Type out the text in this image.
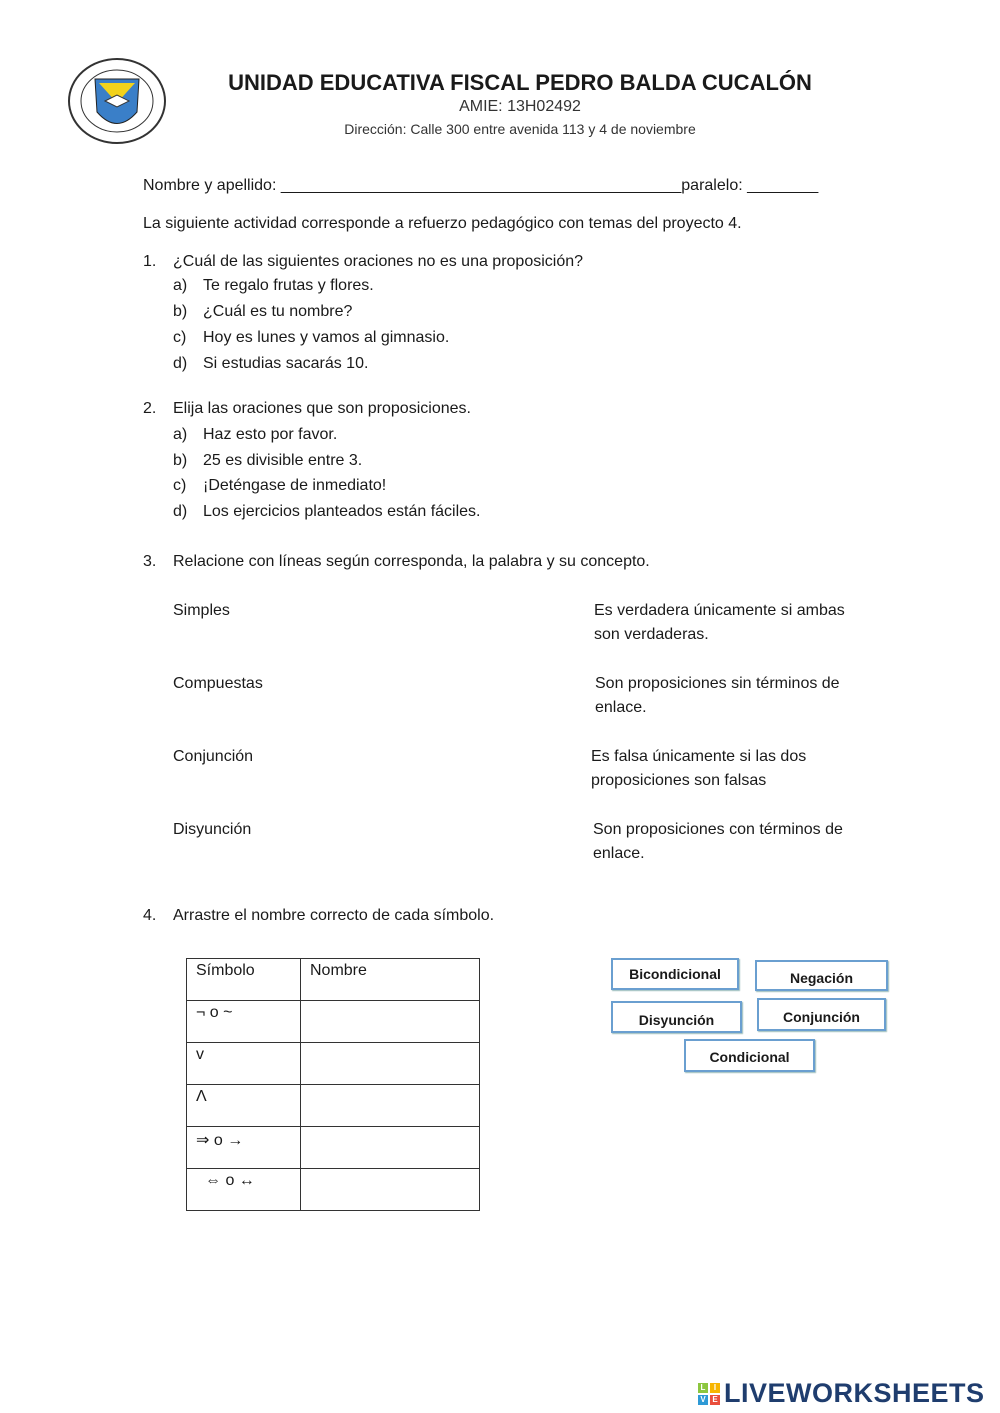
UNIDAD EDUCATIVA FISCAL PEDRO BALDA CUCALÓN
AMIE: 13H02492
Dirección: Calle 300 entre avenida 113 y 4 de noviembre
Nombre y apellido: _____________________________________________paralelo: ________
La siguiente actividad corresponde a refuerzo pedagógico con temas del proyecto 4.
1. ¿Cuál de las siguientes oraciones no es una proposición?
a) Te regalo frutas y flores.
b) ¿Cuál es tu nombre?
c) Hoy es lunes y vamos al gimnasio.
d) Si estudias sacarás 10.
2. Elija las oraciones que son proposiciones.
a) Haz esto por favor.
b) 25 es divisible entre 3.
c) ¡Deténgase de inmediato!
d) Los ejercicios planteados están fáciles.
3. Relacione con líneas según corresponda, la palabra y su concepto.
Simples	Es verdadera únicamente si ambas
son verdaderas.
Compuestas	Son proposiciones sin términos de
enlace.
Conjunción	Es falsa únicamente si las dos
proposiciones son falsas
Disyunción	Son proposiciones con términos de
enlace.
4. Arrastre el nombre correcto de cada símbolo.
Símbolo	Nombre
¬ o ~	
v	
Λ	
⇒ o →	
⇔ o ↔	
Bicondicional	Negación
Disyunción	Conjunción
Condicional
L	I
V E LIVEWORKSHEETS
